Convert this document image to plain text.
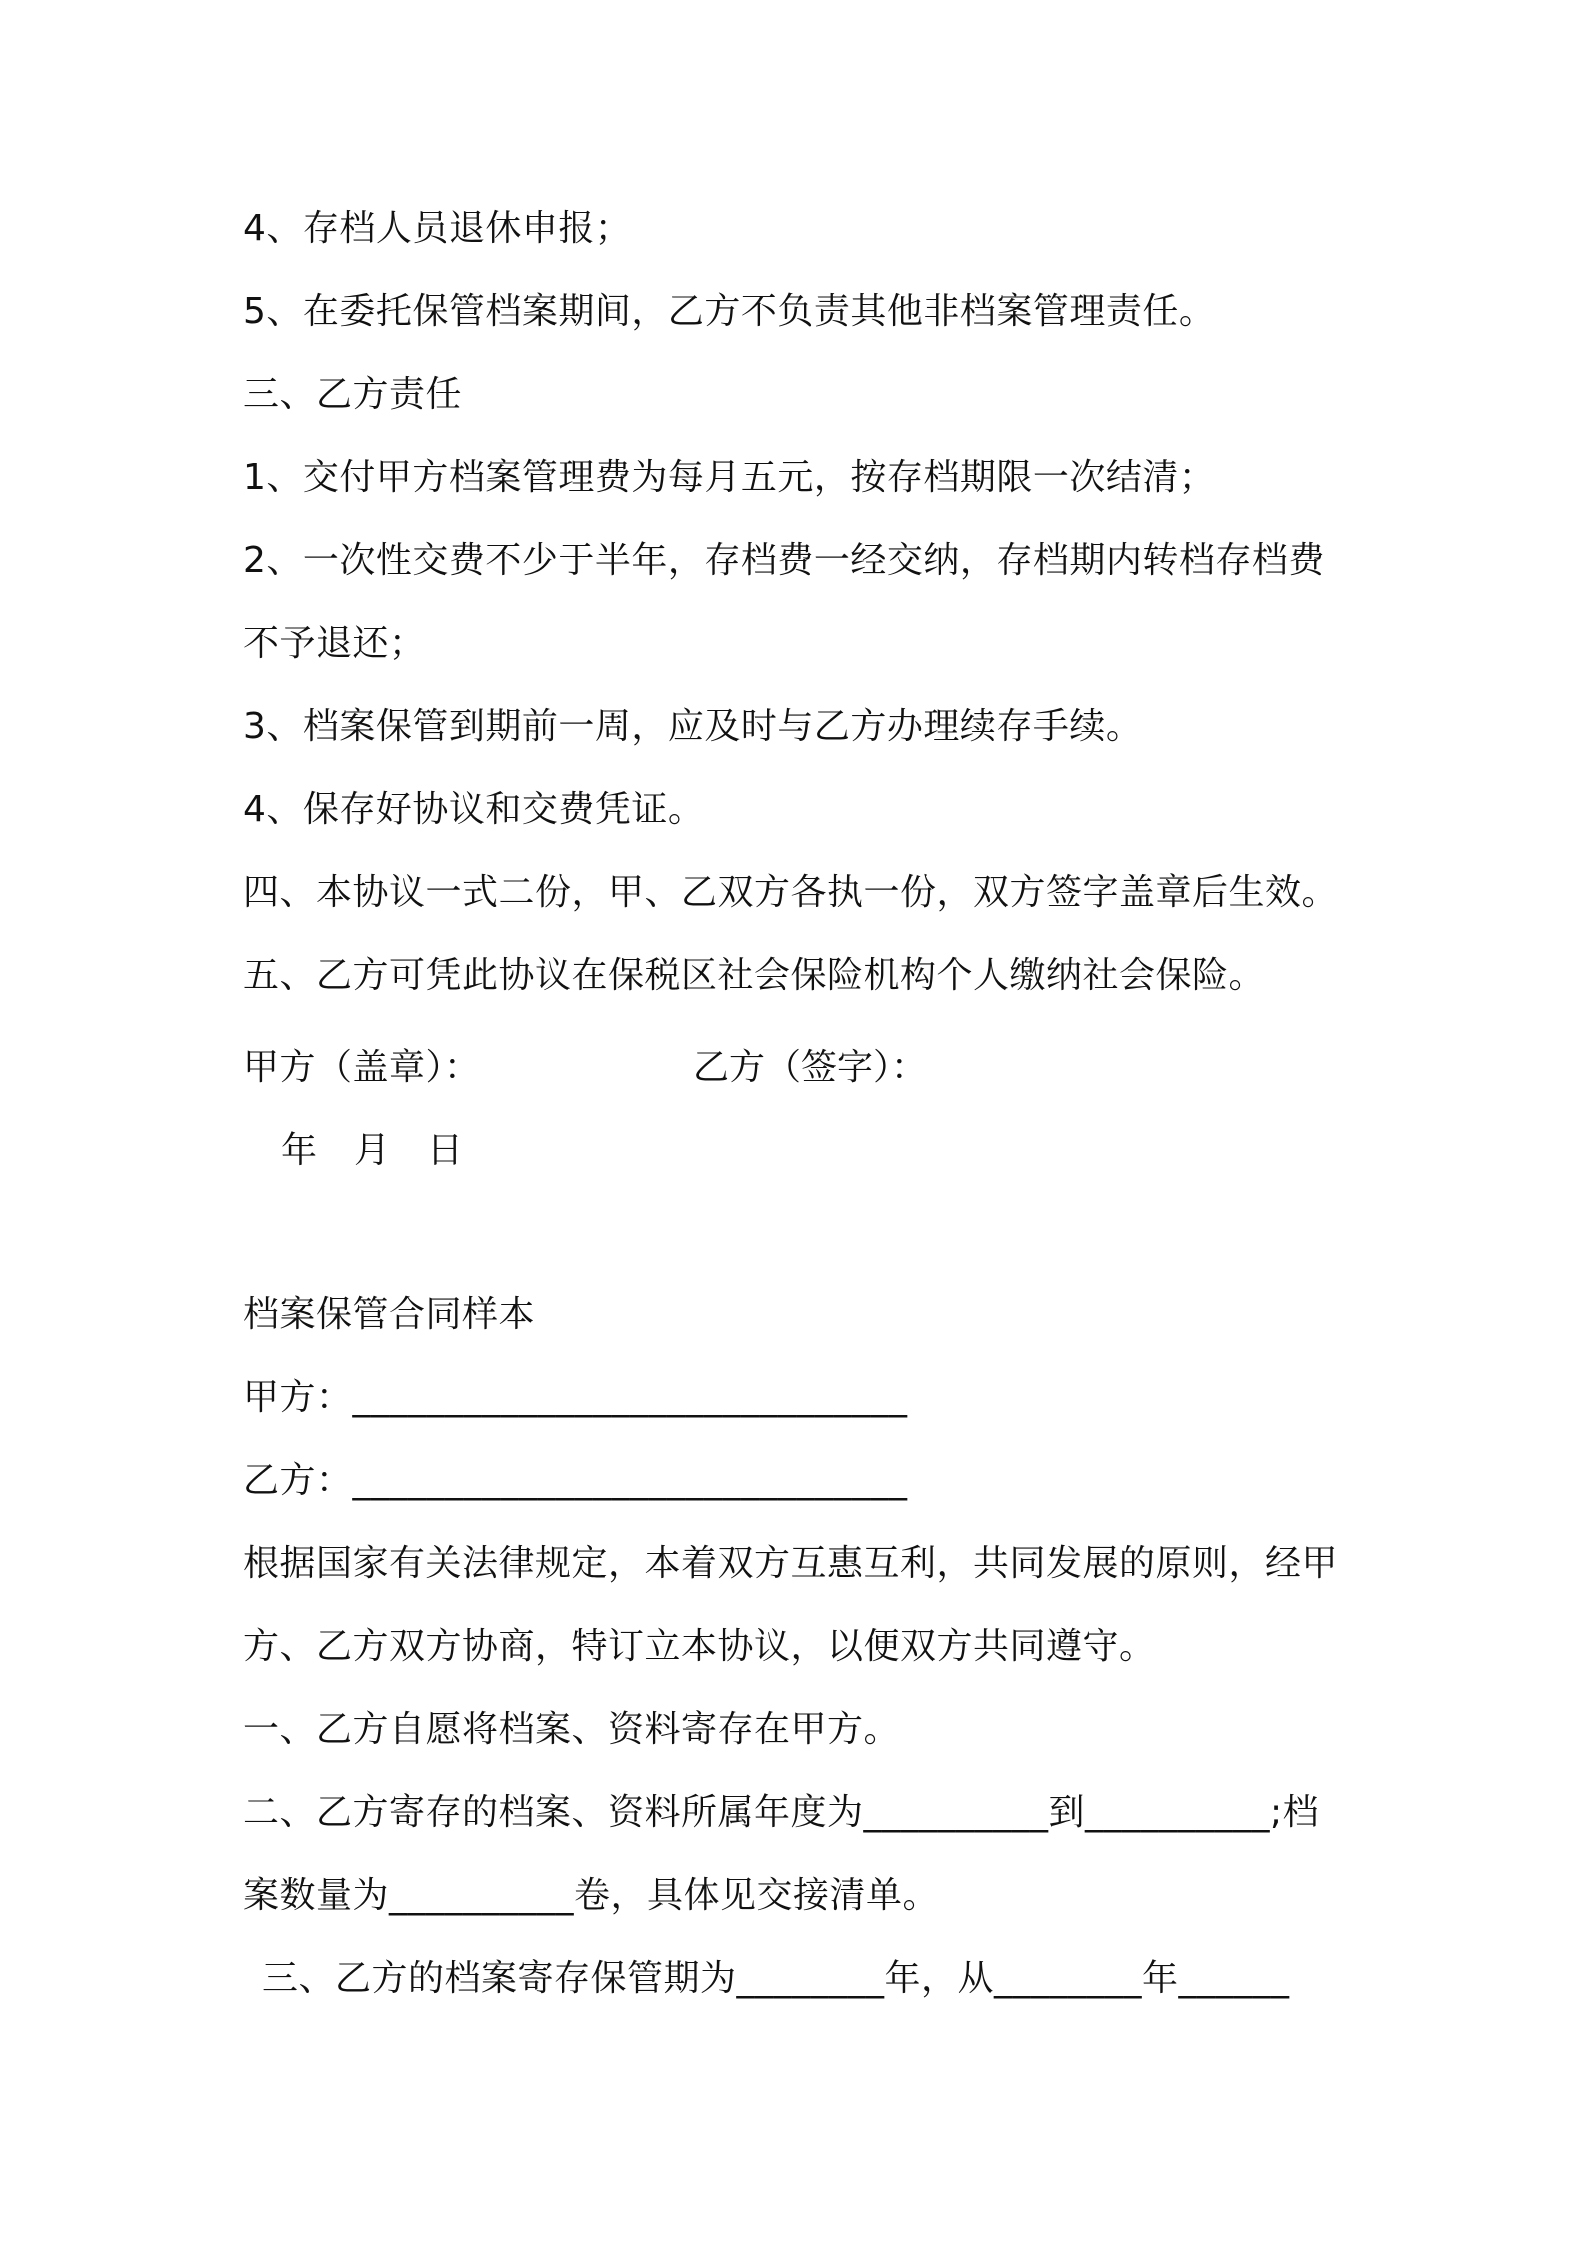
4、存档人员退休申报；
5、在委托保管档案期间，乙方不负责其他非档案管理责任。
三、乙方责任
1、交付甲方档案管理费为每月五元，按存档期限一次结清；
2、一次性交费不少于半年，存档费一经交纳，存档期内转档存档费
不予退还；
3、档案保管到期前一周，应及时与乙方办理续存手续。
4、保存好协议和交费凭证。
四、本协议一式二份，甲、乙双方各执一份，双方签字盖章后生效。
五、乙方可凭此协议在保税区社会保险机构个人缴纳社会保险。
甲方（盖章）：	乙方（签字）：
年　月　日
档案保管合同样本
甲方：______________________________
乙方：______________________________
根据国家有关法律规定，本着双方互惠互利，共同发展的原则，经甲
方、乙方双方协商，特订立本协议，以便双方共同遵守。
一、乙方自愿将档案、资料寄存在甲方。
二、乙方寄存的档案、资料所属年度为__________到__________;档
案数量为__________卷，具体见交接清单。
三、乙方的档案寄存保管期为________年，从________年______
